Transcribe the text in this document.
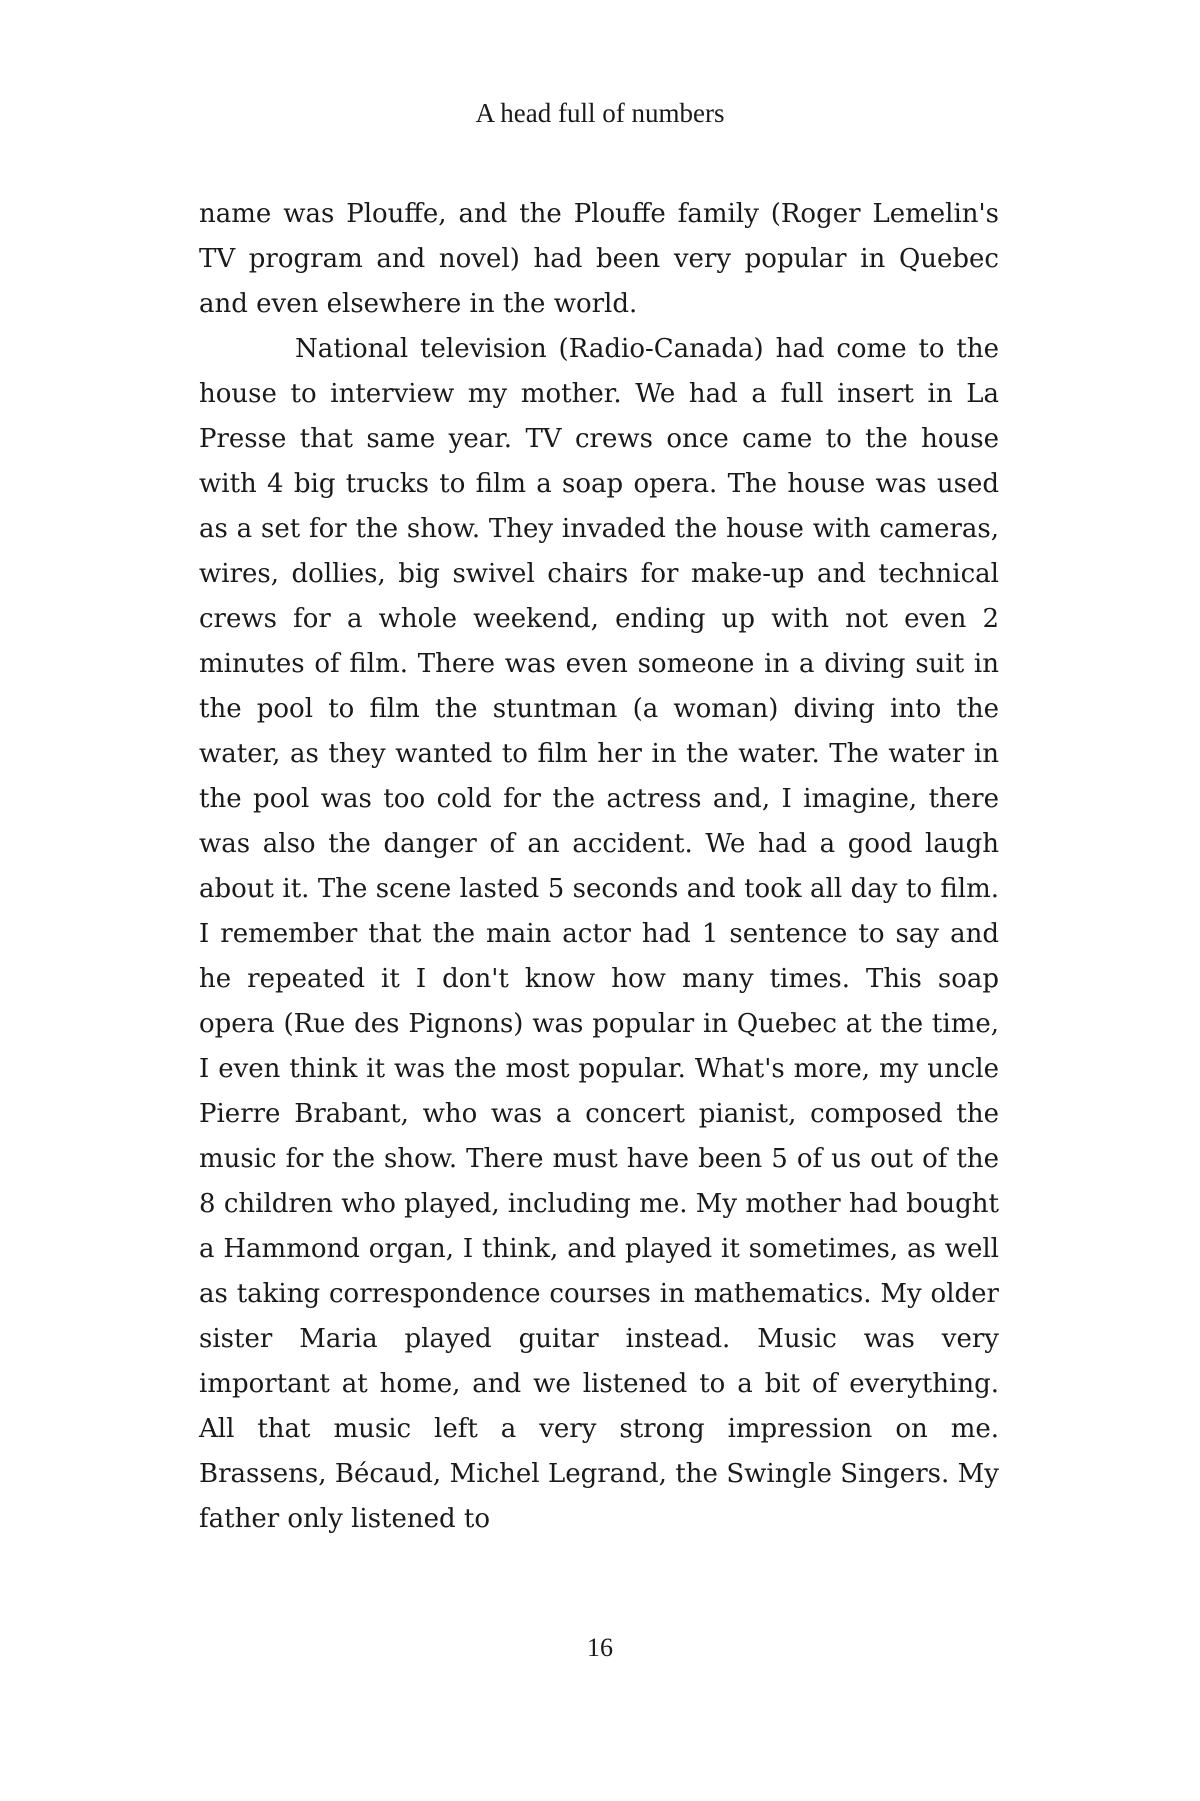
A head full of numbers

name was Plouffe, and the Plouffe family (Roger Lemelin's TV program and novel) had been very popular in Quebec and even elsewhere in the world.

National television (Radio-Canada) had come to the house to interview my mother. We had a full insert in La Presse that same year. TV crews once came to the house with 4 big trucks to film a soap opera. The house was used as a set for the show. They invaded the house with cameras, wires, dollies, big swivel chairs for make-up and technical crews for a whole weekend, ending up with not even 2 minutes of film. There was even someone in a diving suit in the pool to film the stuntman (a woman) diving into the water, as they wanted to film her in the water. The water in the pool was too cold for the actress and, I imagine, there was also the danger of an accident. We had a good laugh about it. The scene lasted 5 seconds and took all day to film. I remember that the main actor had 1 sentence to say and he repeated it I don't know how many times. This soap opera (Rue des Pignons) was popular in Quebec at the time, I even think it was the most popular. What's more, my uncle Pierre Brabant, who was a concert pianist, composed the music for the show. There must have been 5 of us out of the 8 children who played, including me. My mother had bought a Hammond organ, I think, and played it sometimes, as well as taking correspondence courses in mathematics. My older sister Maria played guitar instead. Music was very important at home, and we listened to a bit of everything. All that music left a very strong impression on me. Brassens, Bécaud, Michel Legrand, the Swingle Singers. My father only listened to

16
